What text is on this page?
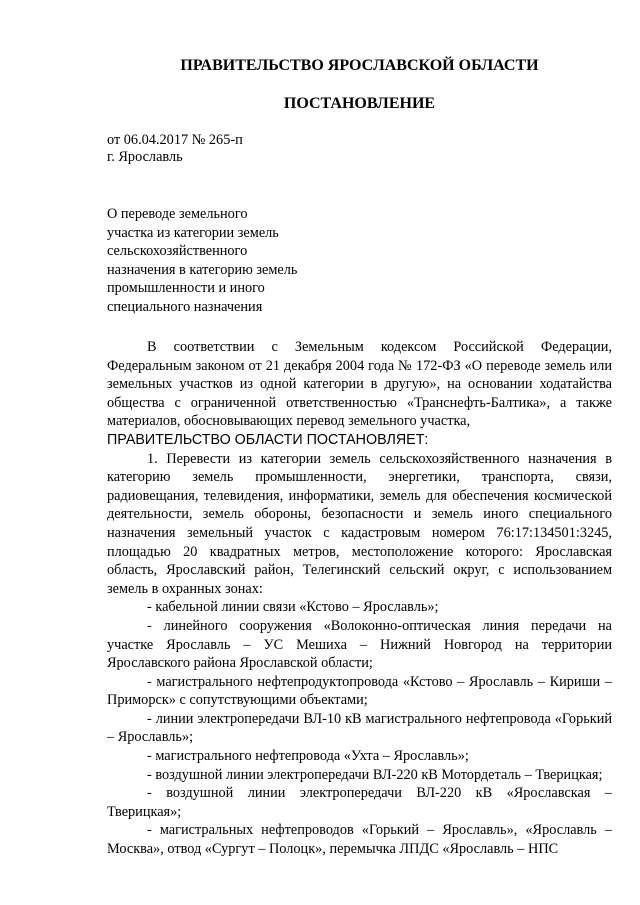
ПРАВИТЕЛЬСТВО ЯРОСЛАВСКОЙ ОБЛАСТИ
ПОСТАНОВЛЕНИЕ
от 06.04.2017 № 265-п
г. Ярославль
О переводе земельного
участка из категории земель
сельскохозяйственного
назначения в категорию земель
промышленности и иного
специального назначения

В соответствии с Земельным кодексом Российской Федерации, Федеральным законом от 21 декабря 2004 года № 172-ФЗ «О переводе земель или земельных участков из одной категории в другую», на основании ходатайства общества с ограниченной ответственностью «Транснефть-Балтика», а также материалов, обосновывающих перевод земельного участка,

ПРАВИТЕЛЬСТВО ОБЛАСТИ ПОСТАНОВЛЯЕТ:

1. Перевести из категории земель сельскохозяйственного назначения в категорию земель промышленности, энергетики, транспорта, связи, радиовещания, телевидения, информатики, земель для обеспечения космической деятельности, земель обороны, безопасности и земель иного специального назначения земельный участок с кадастровым номером 76:17:134501:3245, площадью 20 квадратных метров, местоположение которого: Ярославская область, Ярославский район, Телегинский сельский округ, с использованием земель в охранных зонах:

- кабельной линии связи «Кстово – Ярославль»;

- линейного сооружения «Волоконно-оптическая линия передачи на участке Ярославль – УС Мешиха – Нижний Новгород на территории Ярославского района Ярославской области;

- магистрального нефтепродуктопровода «Кстово – Ярославль – Кириши – Приморск» с сопутствующими объектами;

- линии электропередачи ВЛ-10 кВ магистрального нефтепровода «Горький – Ярославль»;

- магистрального нефтепровода «Ухта – Ярославль»;

- воздушной линии электропередачи ВЛ-220 кВ Мотордеталь – Тверицкая;

- воздушной линии электропередачи ВЛ-220 кВ «Ярославская – Тверицкая»;

- магистральных нефтепроводов «Горький – Ярославль», «Ярославль – Москва», отвод «Сургут – Полоцк», перемычка ЛПДС «Ярославль – НПС
